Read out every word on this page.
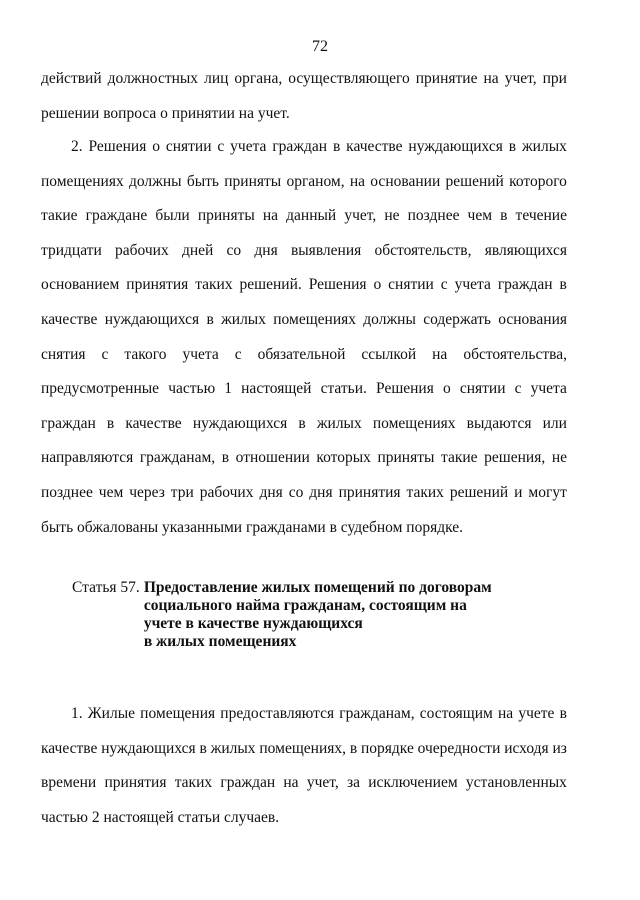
72
действий должностных лиц органа, осуществляющего принятие на учет, при
решении вопроса о принятии на учет.
2. Решения о снятии с учета граждан в качестве нуждающихся в жилых
помещениях должны быть приняты органом, на основании решений которого
такие граждане были приняты на данный учет, не позднее чем в течение
тридцати рабочих дней со дня выявления обстоятельств, являющихся
основанием принятия таких решений. Решения о снятии с учета граждан в
качестве нуждающихся в жилых помещениях должны содержать основания
снятия с такого учета с обязательной ссылкой на обстоятельства,
предусмотренные частью 1 настоящей статьи. Решения о снятии с учета
граждан в качестве нуждающихся в жилых помещениях выдаются или
направляются гражданам, в отношении которых приняты такие решения, не
позднее чем через три рабочих дня со дня принятия таких решений и могут
быть обжалованы указанными гражданами в судебном порядке.
Статья 57. Предоставление жилых помещений по договорам
социального найма гражданам, состоящим на
учете в качестве нуждающихся
в жилых помещениях
1. Жилые помещения предоставляются гражданам, состоящим на учете в
качестве нуждающихся в жилых помещениях, в порядке очередности исходя из
времени принятия таких граждан на учет, за исключением установленных
частью 2 настоящей статьи случаев.
